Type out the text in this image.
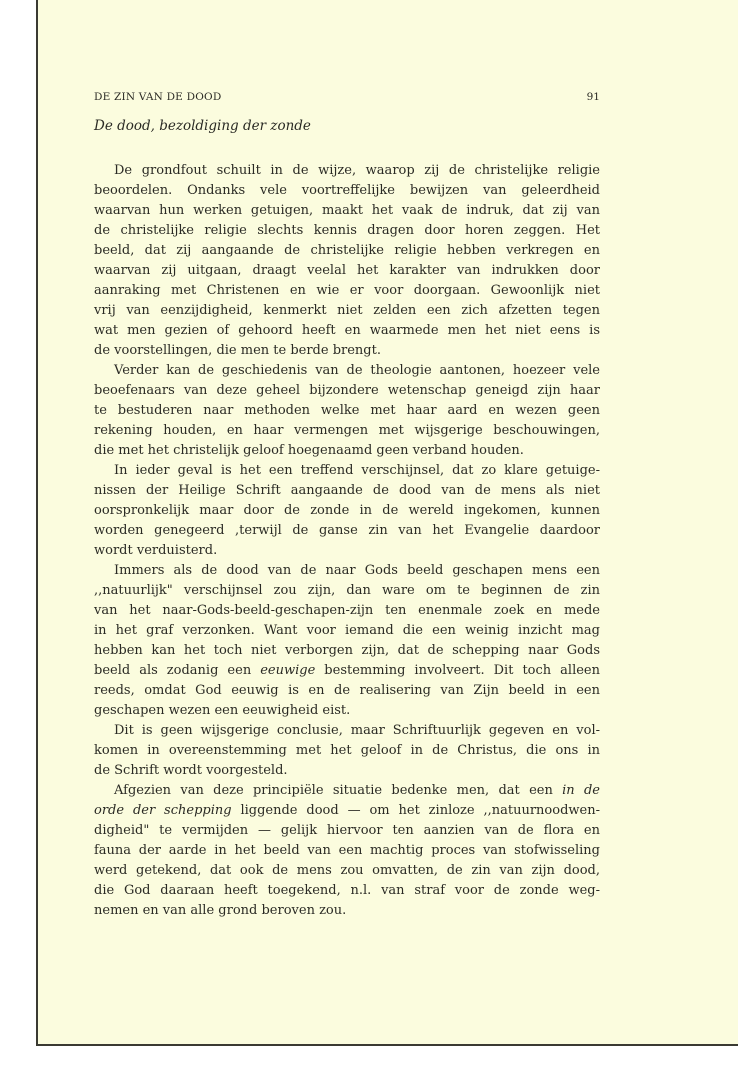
DE ZIN VAN DE DOOD	91
De dood, bezoldiging der zonde
De grondfout schuilt in de wijze, waarop zij de christelijke religie
beoordelen. Ondanks vele voortreffelijke bewijzen van geleerdheid
waarvan hun werken getuigen, maakt het vaak de indruk, dat zij van
de christelijke religie slechts kennis dragen door horen zeggen. Het
beeld, dat zij aangaande de christelijke religie hebben verkregen en
waarvan zij uitgaan, draagt veelal het karakter van indrukken door
aanraking met Christenen en wie er voor doorgaan. Gewoonlijk niet
vrij van eenzijdigheid, kenmerkt niet zelden een zich afzetten tegen
wat men gezien of gehoord heeft en waarmede men het niet eens is
de voorstellingen, die men te berde brengt.
Verder kan de geschiedenis van de theologie aantonen, hoezeer vele
beoefenaars van deze geheel bijzondere wetenschap geneigd zijn haar
te bestuderen naar methoden welke met haar aard en wezen geen
rekening houden, en haar vermengen met wijsgerige beschouwingen,
die met het christelijk geloof hoegenaamd geen verband houden.
In ieder geval is het een treffend verschijnsel, dat zo klare getuige-
nissen der Heilige Schrift aangaande de dood van de mens als niet
oorspronkelijk maar door de zonde in de wereld ingekomen, kunnen
worden genegeerd ,terwijl de ganse zin van het Evangelie daardoor
wordt verduisterd.
Immers als de dood van de naar Gods beeld geschapen mens een
,,natuurlijk" verschijnsel zou zijn, dan ware om te beginnen de zin
van het naar-Gods-beeld-geschapen-zijn ten enenmale zoek en mede
in het graf verzonken. Want voor iemand die een weinig inzicht mag
hebben kan het toch niet verborgen zijn, dat de schepping naar Gods
beeld als zodanig een eeuwige bestemming involveert. Dit toch alleen
reeds, omdat God eeuwig is en de realisering van Zijn beeld in een
geschapen wezen een eeuwigheid eist.
Dit is geen wijsgerige conclusie, maar Schriftuurlijk gegeven en vol-
komen in overeenstemming met het geloof in de Christus, die ons in
de Schrift wordt voorgesteld.
Afgezien van deze principiële situatie bedenke men, dat een in de
orde der schepping liggende dood — om het zinloze ,,natuurnoodwen-
digheid" te vermijden — gelijk hiervoor ten aanzien van de flora en
fauna der aarde in het beeld van een machtig proces van stofwisseling
werd getekend, dat ook de mens zou omvatten, de zin van zijn dood,
die God daaraan heeft toegekend, n.l. van straf voor de zonde weg-
nemen en van alle grond beroven zou.
